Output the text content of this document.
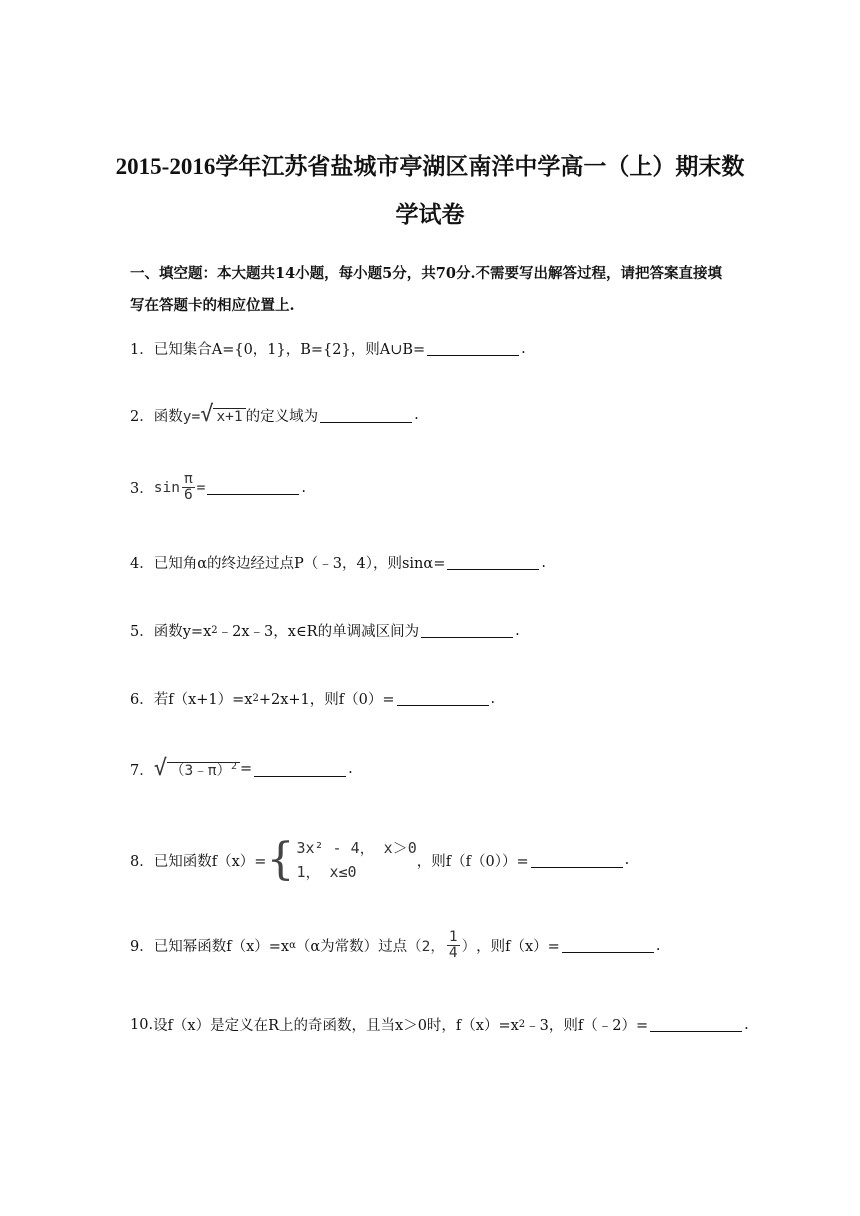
2015-2016学年江苏省盐城市亭湖区南洋中学高一（上）期末数
学试卷
一、填空题：本大题共14小题，每小题5分，共70分.不需要写出解答过程，请把答案直接填写在答题卡的相应位置上.
1． 已知集合A={0，1}，B={2}，则A∪B=	.
2． 函数 y=√ x+1 的定义域为	.
3． $\sin \frac{\pi}{6}$ =	.
4． 已知角α的终边经过点P（﹣3，4），则sinα=	.
5． 函数y=x 2 ﹣2x﹣3，x∈R的单调减区间为	.
6． 若f（x+1）=x 2 +2x+1，则f（0）=	.
7． √ （3﹣π）$^2$ =	.
8． 已知函数f（x）= { 3x² - 4， x＞0
1， x≤0
，则f（f（0））=	.
9． 已知幂函数f（x）=x α （α为常数）过点 （2， $\frac{1}{4}$ ） ，则f（x）=	.
10. 设f（x）是定义在R上的奇函数，且当x＞0时，f（x）=x 2 ﹣3，则f（﹣2）=	.
